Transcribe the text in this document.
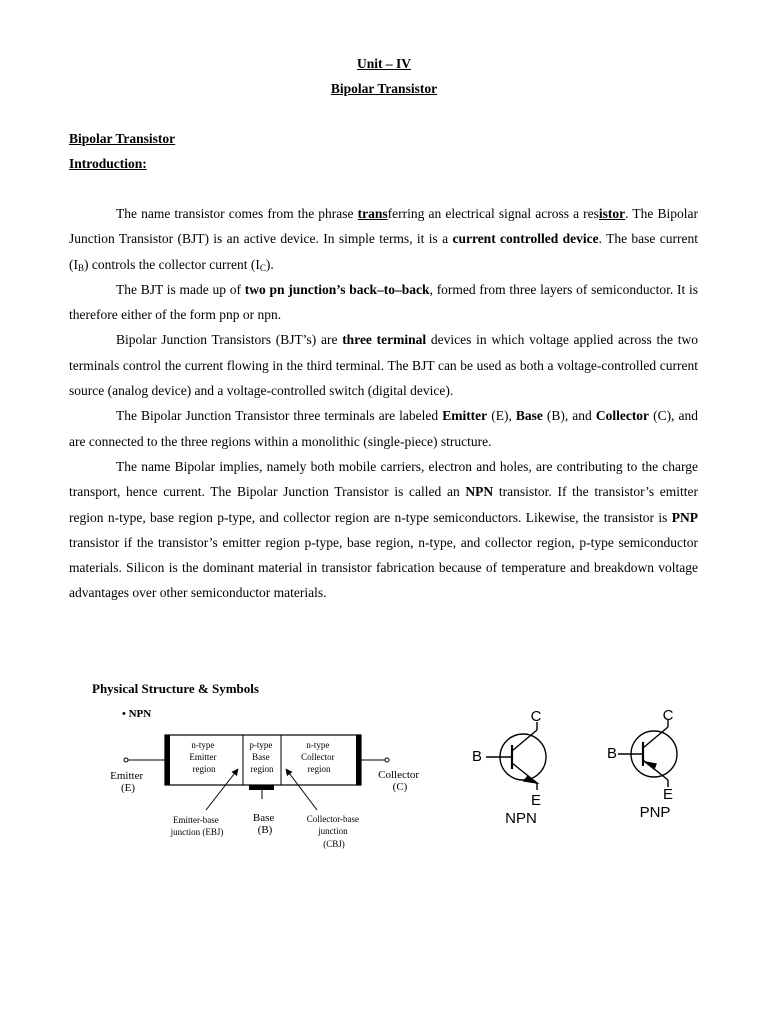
Unit – IV
Bipolar Transistor
Bipolar Transistor
Introduction:

The name transistor comes from the phrase transferring an electrical signal across a resistor. The Bipolar Junction Transistor (BJT) is an active device. In simple terms, it is a current controlled device. The base current $(I_B)$ controls the collector current $(I_C)$.

The BJT is made up of two pn junction’s back–to–back, formed from three layers of semiconductor. It is therefore either of the form pnp or npn.

Bipolar Junction Transistors (BJT’s) are three terminal devices in which voltage applied across the two terminals control the current flowing in the third terminal. The BJT can be used as both a voltage-controlled current source (analog device) and a voltage-controlled switch (digital device).

The Bipolar Junction Transistor three terminals are labeled Emitter (E), Base (B), and Collector (C), and are connected to the three regions within a monolithic (single-piece) structure.

The name Bipolar implies, namely both mobile carriers, electron and holes, are contributing to the charge transport, hence current. The Bipolar Junction Transistor is called an NPN transistor. If the transistor’s emitter region n-type, base region p-type, and collector region are n-type semiconductors. Likewise, the transistor is PNP transistor if the transistor’s emitter region p-type, base region, n-type, and collector region, p-type semiconductor materials. Silicon is the dominant material in transistor fabrication because of temperature and breakdown voltage advantages over other semiconductor materials.

Physical Structure & Symbols
• NPN
n-type Emitter region
p-type Base region
n-type Collector region
Emitter (E)
Collector (C)
Base (B)
Emitter-base junction (EBJ)
Collector-base junction (CBJ)
C
B
E
NPN
C
B
E
PNP
